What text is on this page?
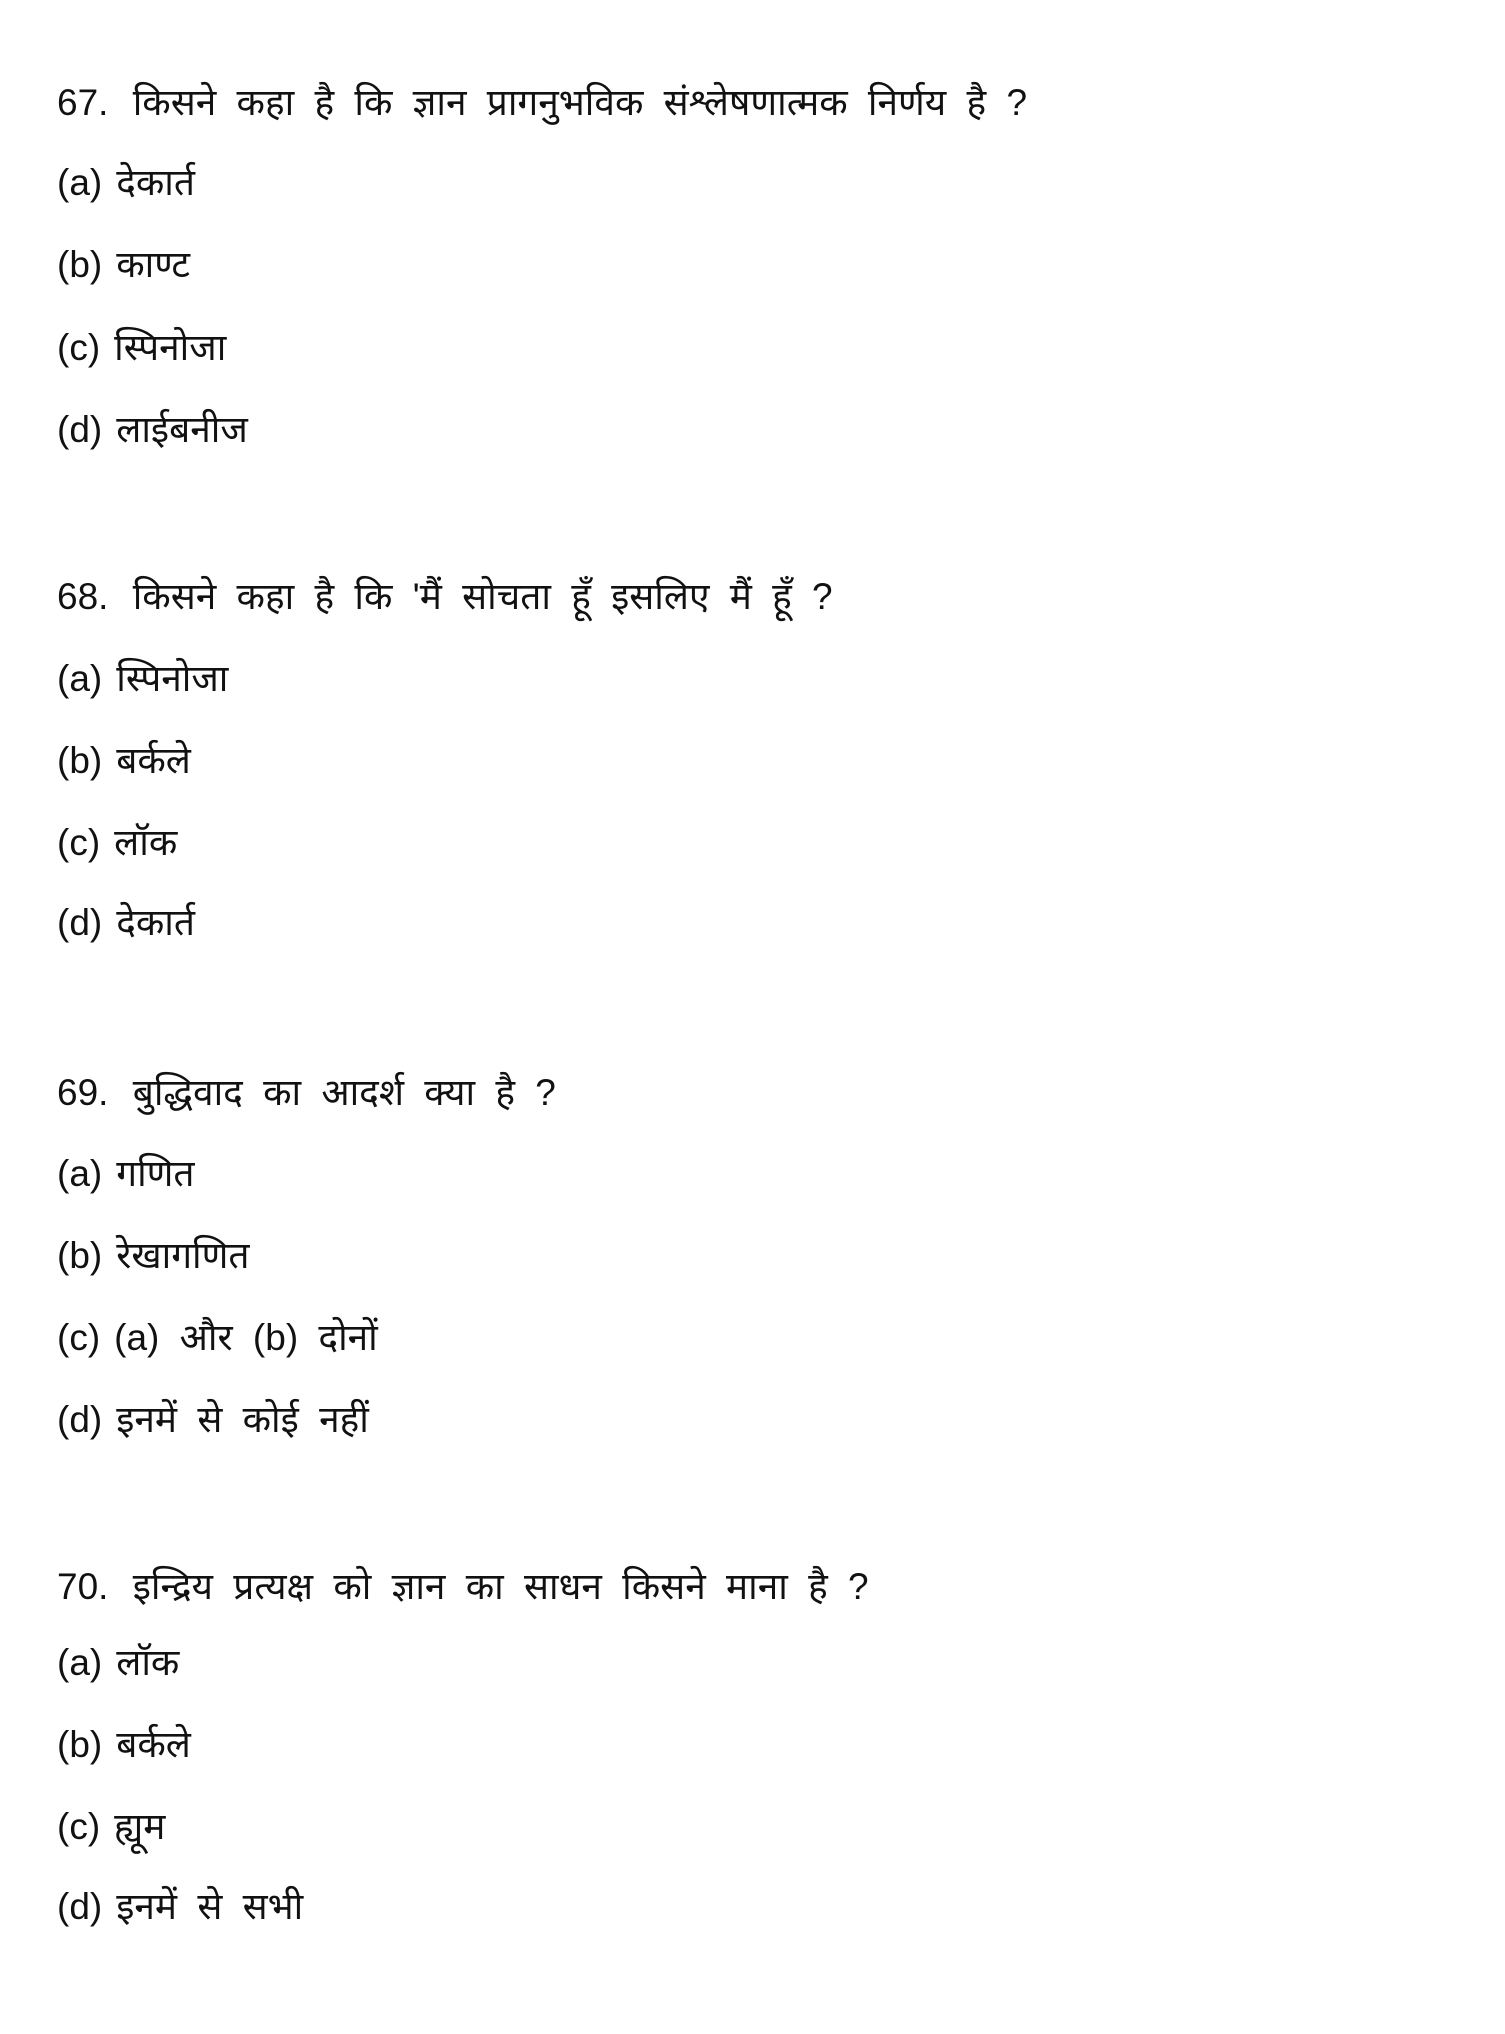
67. किसने कहा है कि ज्ञान प्रागनुभविक संश्लेषणात्मक निर्णय है ?
(a) देकार्त
(b) काण्ट
(c) स्पिनोजा
(d) लाईबनीज
68. किसने कहा है कि 'मैं सोचता हूँ इसलिए मैं हूँ ?
(a) स्पिनोजा
(b) बर्कले
(c) लॉक
(d) देकार्त
69. बुद्धिवाद का आदर्श क्या है ?
(a) गणित
(b) रेखागणित
(c) (a) और (b) दोनों
(d) इनमें से कोई नहीं
70. इन्द्रिय प्रत्यक्ष को ज्ञान का साधन किसने माना है ?
(a) लॉक
(b) बर्कले
(c) ह्यूम
(d) इनमें से सभी
